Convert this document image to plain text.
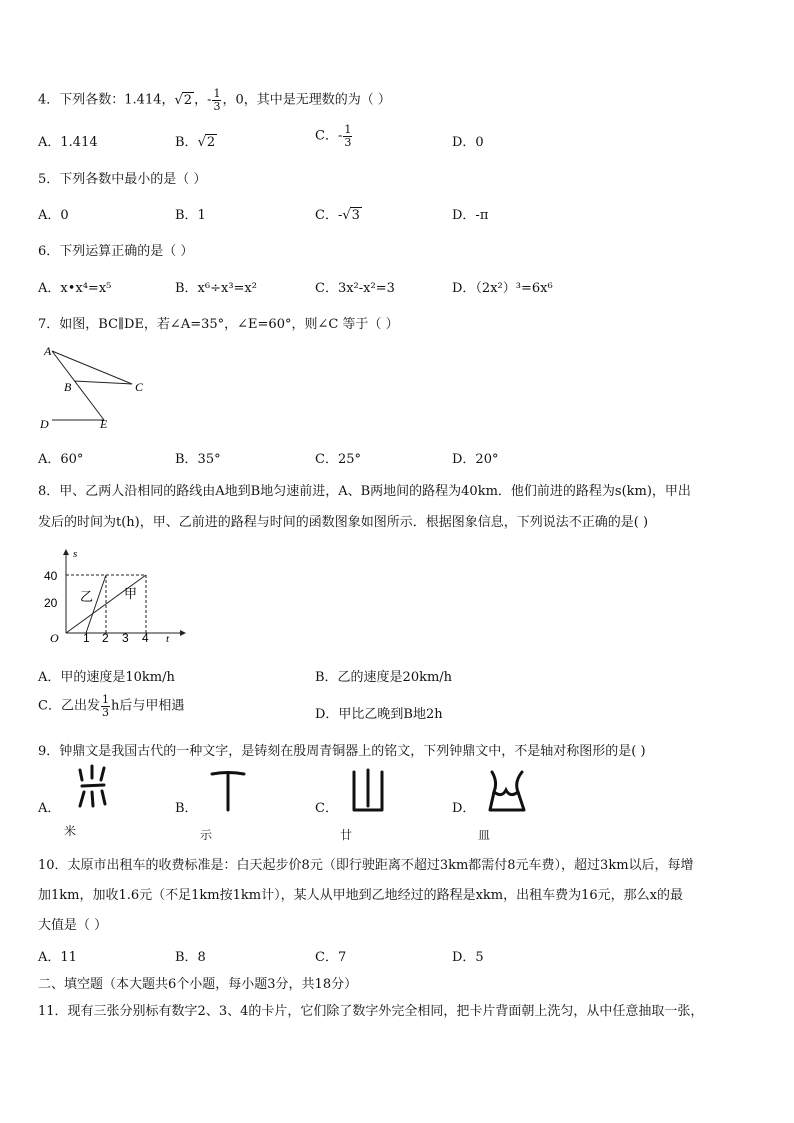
4．下列各数：1.414，√2 ，- $\frac{1}{3}$ ，0，其中是无理数的为（ ）
A．1.414	B．√2	C．- $\frac{1}{3}$	D．0
5．下列各数中最小的是（ ）
A．0	B．1	C．-√3	D．-π
6．下列运算正确的是（ ）
A．x•x⁴=x⁵	B．x⁶÷x³=x²	C．3x²-x²=3	D．（2x²）³=6x⁶
7．如图，BC∥DE，若∠A=35°，∠E=60°，则∠C 等于（ ）
A
B	C
D	E
A．60°	B．35°	C．25°	D．20°
8．甲、乙两人沿相同的路线由A地到B地匀速前进，A、B两地间的路程为40km．他们前进的路程为s(km)，甲出
发后的时间为t(h)，甲、乙前进的路程与时间的函数图象如图所示．根据图象信息，下列说法不正确的是( )
s
t
O
40
20
1 2 3 4
乙 甲
A．甲的速度是10km/h	B．乙的速度是20km/h
C．乙出发 $\frac{1}{3}$ h后与甲相遇
D．甲比乙晚到B地2h
9．钟鼎文是我国古代的一种文字，是铸刻在殷周青铜器上的铭文，下列钟鼎文中，不是轴对称图形的是( )
A．	B．	C．	D．
米	示	廿	皿
10．太原市出租车的收费标准是：白天起步价8元（即行驶距离不超过3km都需付8元车费），超过3km以后，每增
加1km，加收1.6元（不足1km按1km计），某人从甲地到乙地经过的路程是xkm，出租车费为16元，那么x的最
大值是（ ）
A．11	B．8	C．7	D．5
二、填空题（本大题共6个小题，每小题3分，共18分）
11．现有三张分别标有数字2、3、4的卡片，它们除了数字外完全相同，把卡片背面朝上洗匀，从中任意抽取一张，
